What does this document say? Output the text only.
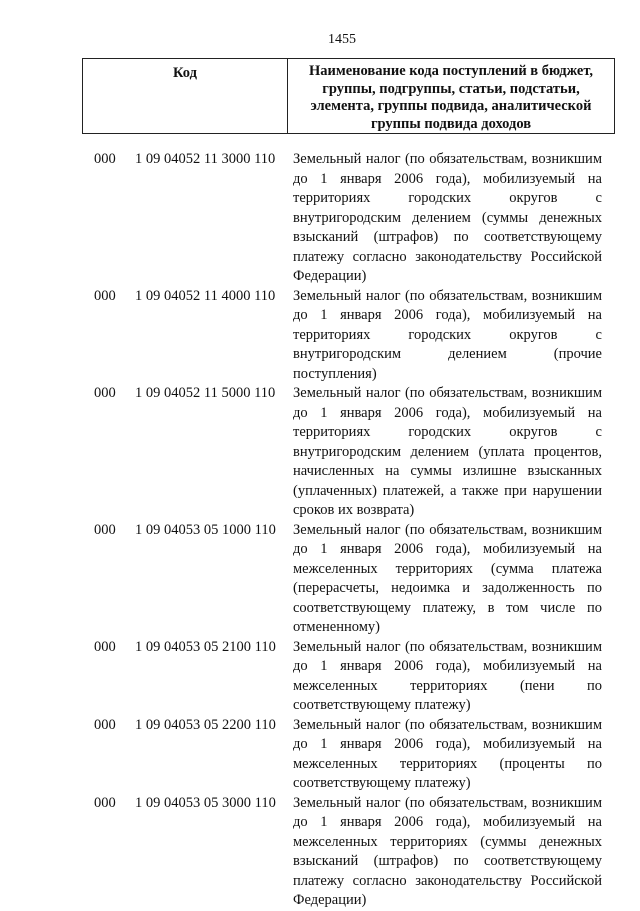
1455
Код	Наименование кода поступлений в бюджет, группы, подгруппы, статьи, подстатьи, элемента, группы подвида, аналитической группы подвида доходов
000 1 09 04052 11 3000 110 Земельный налог (по обязательствам, возникшим до 1 января 2006 года), мобилизуемый на территориях городских округов с внутригородским делением (суммы денежных взысканий (штрафов) по соответствующему платежу согласно законодательству Российской Федерации)
000 1 09 04052 11 4000 110 Земельный налог (по обязательствам, возникшим до 1 января 2006 года), мобилизуемый на территориях городских округов с внутригородским делением (прочие поступления)
000 1 09 04052 11 5000 110 Земельный налог (по обязательствам, возникшим до 1 января 2006 года), мобилизуемый на территориях городских округов с внутригородским делением (уплата процентов, начисленных на суммы излишне взысканных (уплаченных) платежей, а также при нарушении сроков их возврата)
000 1 09 04053 05 1000 110 Земельный налог (по обязательствам, возникшим до 1 января 2006 года), мобилизуемый на межселенных территориях (сумма платежа (перерасчеты, недоимка и задолженность по соответствующему платежу, в том числе по отмененному)
000 1 09 04053 05 2100 110 Земельный налог (по обязательствам, возникшим до 1 января 2006 года), мобилизуемый на межселенных территориях (пени по соответствующему платежу)
000 1 09 04053 05 2200 110 Земельный налог (по обязательствам, возникшим до 1 января 2006 года), мобилизуемый на межселенных территориях (проценты по соответствующему платежу)
000 1 09 04053 05 3000 110 Земельный налог (по обязательствам, возникшим до 1 января 2006 года), мобилизуемый на межселенных территориях (суммы денежных взысканий (штрафов) по соответствующему платежу согласно законодательству Российской Федерации)
